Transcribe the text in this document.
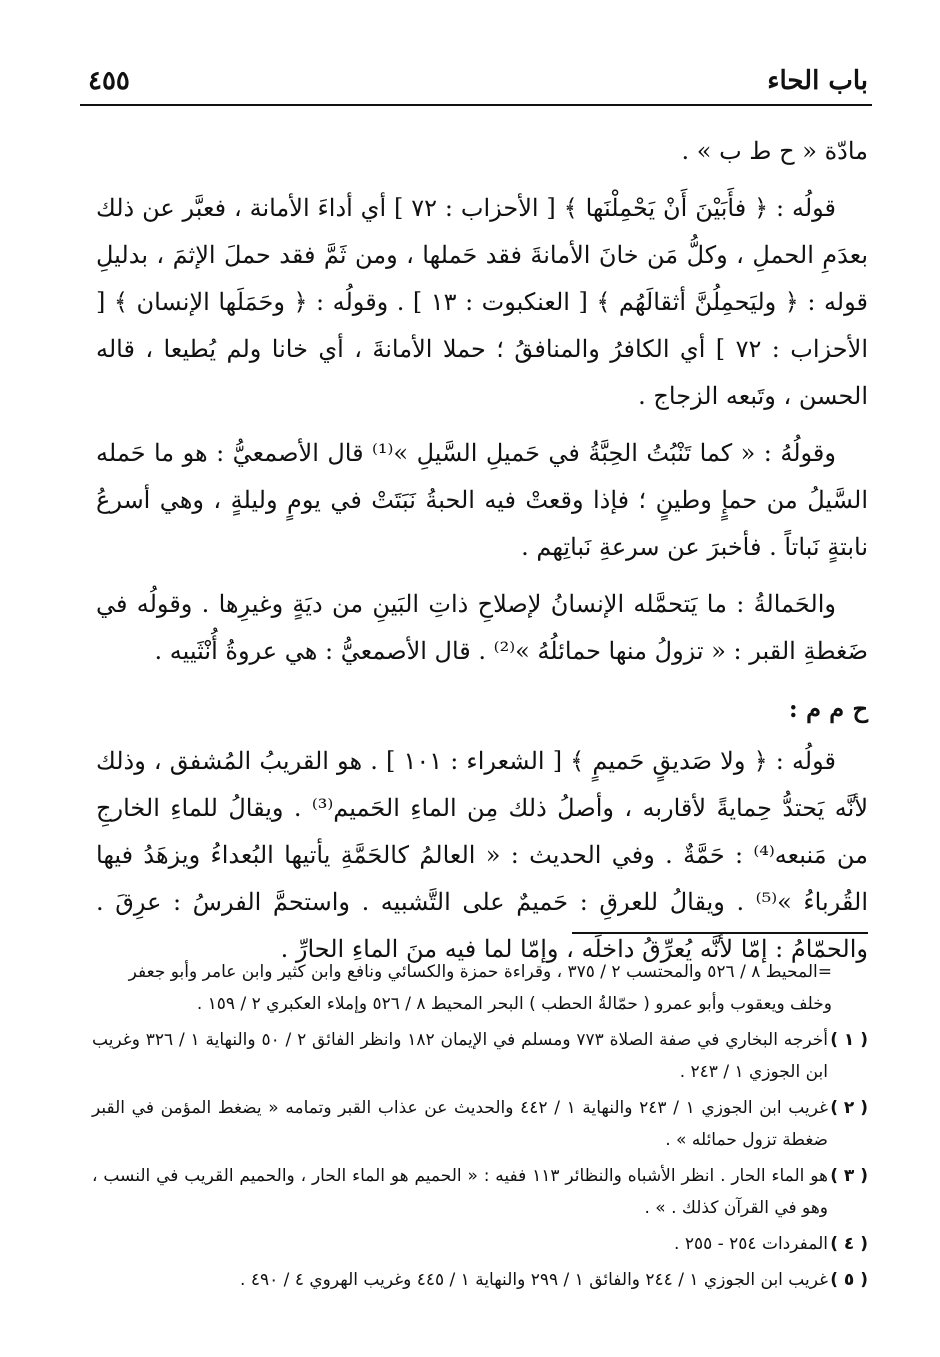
باب الحاء
٤٥٥

مادّة « ح ط ب » .

قولُه : ﴿ فأَبَيْنَ أَنْ يَحْمِلْنَها ﴾ [ الأحزاب : ٧٢ ] أي أداءَ الأمانة ، فعبَّر عن ذلك بعدَمِ الحملِ ، وكلُّ مَن خانَ الأمانةَ فقد حَملها ، ومن ثَمَّ فقد حملَ الإثمَ ، بدليلِ قوله : ﴿ وليَحمِلُنَّ أثقالَهُم ﴾ [ العنكبوت : ١٣ ] . وقولُه : ﴿ وحَمَلَها الإنسان ﴾ [ الأحزاب : ٧٢ ] أي الكافرُ والمنافقُ ؛ حملا الأمانةَ ، أي خانا ولم يُطيعا ، قاله الحسن ، وتَبعه الزجاج .

وقولُهُ : « كما تَنْبُتُ الحِبَّةُ في حَميلِ السَّيلِ »⁽¹⁾ قال الأصمعيُّ : هو ما حَمله السَّيلُ من حمإٍ وطينٍ ؛ فإذا وقعتْ فيه الحبةُ نَبَتَتْ في يومٍ وليلةٍ ، وهي أسرعُ نابتةٍ نَباتاً . فأخبرَ عن سرعةِ نَباتِهم .

والحَمالةُ : ما يَتحمَّله الإنسانُ لإصلاحِ ذاتِ البَينِ من ديَةٍ وغيرِها . وقولُه في ضَغطةِ القبر : « تزولُ منها حمائلُهُ »⁽²⁾ . قال الأصمعيُّ : هي عروةُ أُنْثَييه .

ح م م :

قولُه : ﴿ ولا صَديقٍ حَميمٍ ﴾ [ الشعراء : ١٠١ ] . هو القريبُ المُشفق ، وذلك لأنَّه يَحتدُّ حِمايةً لأقاربه ، وأصلُ ذلك مِن الماءِ الحَميم⁽³⁾ . ويقالُ للماءِ الخارجِ من مَنبعه⁽⁴⁾ : حَمَّةٌ . وفي الحديث : « العالمُ كالحَمَّةِ يأتيها البُعداءُ ويزهَدُ فيها القُرباءُ »⁽⁵⁾ . ويقالُ للعرقِ : حَميمٌ على التَّشبيه . واستحمَّ الفرسُ : عرِقَ . والحمّامُ : إمّا لأنَّه يُعرِّقُ داخلَه ، وإمّا لما فيه منَ الماءِ الحارِّ .

=المحيط ٨ / ٥٢٦ والمحتسب ٢ / ٣٧٥ ، وقراءة حمزة والكسائي ونافع وابن كثير وابن عامر وأبو جعفر وخلف ويعقوب وأبو عمرو ( حمّالةُ الحطب ) البحر المحيط ٨ / ٥٢٦ وإملاء العكبري ٢ / ١٥٩ .
( ١ )
أخرجه البخاري في صفة الصلاة ٧٧٣ ومسلم في الإيمان ١٨٢ وانظر الفائق ٢ / ٥٠ والنهاية ١ / ٣٢٦ وغريب ابن الجوزي ١ / ٢٤٣ .
( ٢ )
غريب ابن الجوزي ١ / ٢٤٣ والنهاية ١ / ٤٤٢ والحديث عن عذاب القبر وتمامه « يضغط المؤمن في القبر ضغطة تزول حمائله » .
( ٣ )
هو الماء الحار . انظر الأشباه والنظائر ١١٣ ففيه : « الحميم هو الماء الحار ، والحميم القريب في النسب ، وهو في القرآن كذلك . » .
( ٤ )
المفردات ٢٥٤ - ٢٥٥ .
( ٥ )
غريب ابن الجوزي ١ / ٢٤٤ والفائق ١ / ٢٩٩ والنهاية ١ / ٤٤٥ وغريب الهروي ٤ / ٤٩٠ .
